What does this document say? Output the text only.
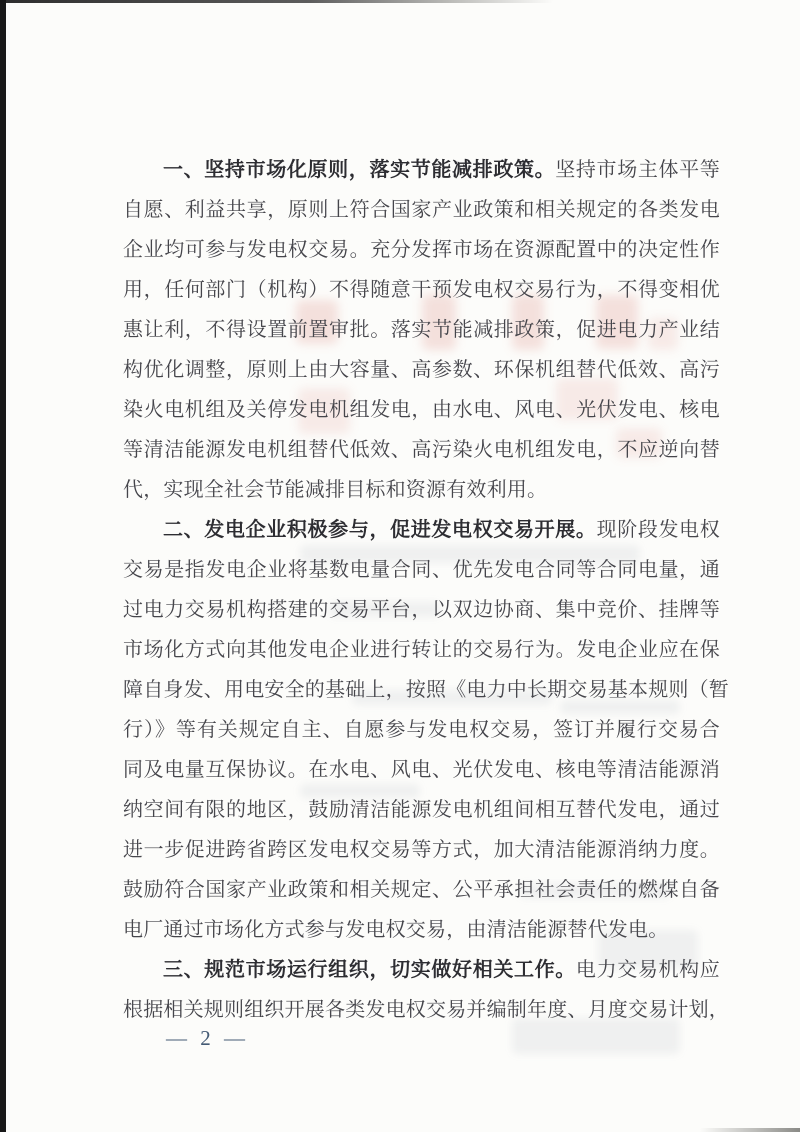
一、坚持市场化原则，落实节能减排政策。坚持市场主体平等
自愿、利益共享，原则上符合国家产业政策和相关规定的各类发电
企业均可参与发电权交易。充分发挥市场在资源配置中的决定性作
用，任何部门（机构）不得随意干预发电权交易行为，不得变相优
惠让利，不得设置前置审批。落实节能减排政策，促进电力产业结
构优化调整，原则上由大容量、高参数、环保机组替代低效、高污
染火电机组及关停发电机组发电，由水电、风电、光伏发电、核电
等清洁能源发电机组替代低效、高污染火电机组发电，不应逆向替
代，实现全社会节能减排目标和资源有效利用。
二、发电企业积极参与，促进发电权交易开展。现阶段发电权
交易是指发电企业将基数电量合同、优先发电合同等合同电量，通
过电力交易机构搭建的交易平台，以双边协商、集中竞价、挂牌等
市场化方式向其他发电企业进行转让的交易行为。发电企业应在保
障自身发、用电安全的基础上，按照《电力中长期交易基本规则（暂
行）》等有关规定自主、自愿参与发电权交易，签订并履行交易合
同及电量互保协议。在水电、风电、光伏发电、核电等清洁能源消
纳空间有限的地区，鼓励清洁能源发电机组间相互替代发电，通过
进一步促进跨省跨区发电权交易等方式，加大清洁能源消纳力度。
鼓励符合国家产业政策和相关规定、公平承担社会责任的燃煤自备
电厂通过市场化方式参与发电权交易，由清洁能源替代发电。
三、规范市场运行组织，切实做好相关工作。电力交易机构应
根据相关规则组织开展各类发电权交易并编制年度、月度交易计划，
— 2 —
